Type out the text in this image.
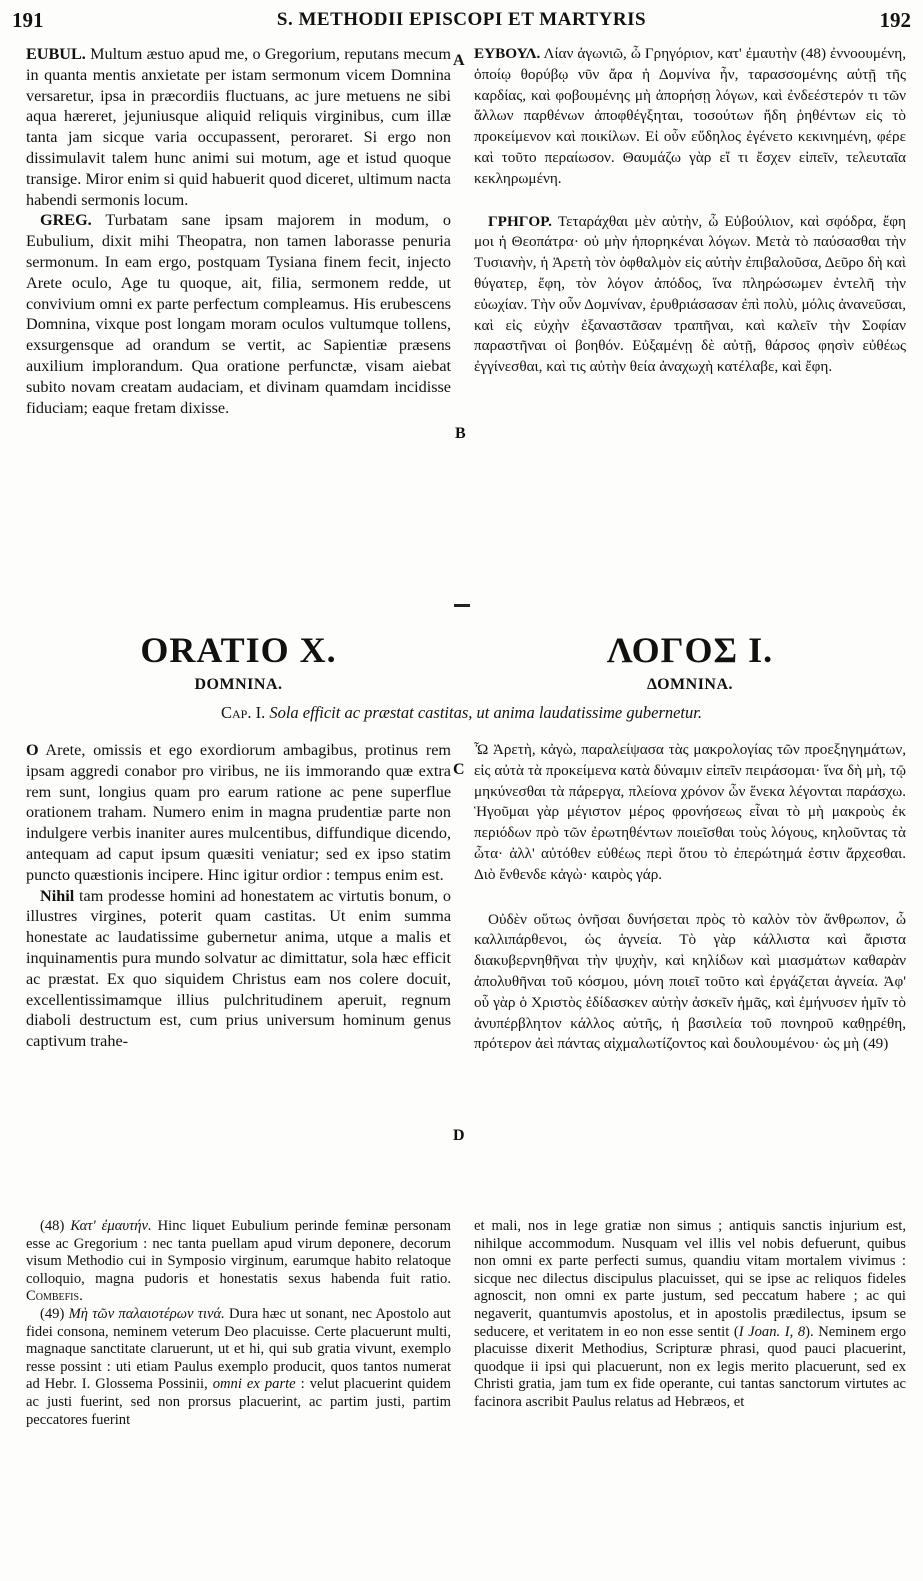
191	S. METHODII EPISCOPI ET MARTYRIS	192
A
B
C
D

EUBUL. Multum æstuo apud me, o Gregorium, reputans mecum in quanta mentis anxietate per istam sermonum vicem Domnina versaretur, ipsa in præcordiis fluctuans, ac jure metuens ne sibi aqua hæreret, jejuniusque aliquid reliquis virginibus, cum illæ tanta jam sicque varia occupassent, peroraret. Si ergo non dissimulavit talem hunc animi sui motum, age et istud quoque transige. Miror enim si quid habuerit quod diceret, ultimum nacta habendi sermonis locum.

GREG. Turbatam sane ipsam majorem in modum, o Eubulium, dixit mihi Theopatra, non tamen laborasse penuria sermonum. In eam ergo, postquam Tysiana finem fecit, injecto Arete oculo, Age tu quoque, ait, filia, sermonem redde, ut convivium omni ex parte perfectum compleamus. His erubescens Domnina, vixque post longam moram oculos vultumque tollens, exsurgensque ad orandum se vertit, ac Sapientiæ præsens auxilium implorandum. Qua oratione perfunctæ, visam aiebat subito novam creatam audaciam, et divinam quamdam incidisse fiduciam; eaque fretam dixisse.

ΕΥΒΟΥΛ. Λίαν ἀγωνιῶ, ὦ Γρηγόριον, κατ' ἐμαυτὴν (48) ἐννοουμένη, ὁποίῳ θορύβῳ νῦν ἄρα ἡ Δομνίνα ἦν, ταρασσομένης αὐτῇ τῆς καρδίας, καὶ φοβουμένης μὴ ἀπορήσῃ λόγων, καὶ ἐνδεέστερόν τι τῶν ἄλλων παρθένων ἀποφθέγξηται, τοσούτων ἤδη ῥηθέντων εἰς τὸ προκείμενον καὶ ποικίλων. Εἰ οὖν εὔδηλος ἐγένετο κεκινημένη, φέρε καὶ τοῦτο περαίωσον. Θαυμάζω γὰρ εἴ τι ἔσχεν εἰπεῖν, τελευταῖα κεκληρωμένη.

ΓΡΗΓΟΡ. Τεταράχθαι μὲν αὐτὴν, ὦ Εὐβούλιον, καὶ σφόδρα, ἔφη μοι ἡ Θεοπάτρα· οὐ μὴν ἠπορηκέναι λόγων. Μετὰ τὸ παύσασθαι τὴν Τυσιανὴν, ἡ Ἀρετὴ τὸν ὀφθαλμὸν εἰς αὐτὴν ἐπιβαλοῦσα, Δεῦρο δὴ καὶ θύγατερ, ἔφη, τὸν λόγον ἀπόδος, ἵνα πληρώσωμεν ἐντελῆ τὴν εὐωχίαν. Τὴν οὖν Δομνίναν, ἐρυθριάσασαν ἐπὶ πολὺ, μόλις ἀνανεῦσαι, καὶ εἰς εὐχὴν ἐξαναστᾶσαν τραπῆναι, καὶ καλεῖν τὴν Σοφίαν παραστῆναι οἱ βοηθόν. Εὐξαμένῃ δὲ αὐτῇ, θάρσος φησὶν εὐθέως ἐγγίνεσθαι, καὶ τις αὐτὴν θεία ἀναχωχὴ κατέλαβε, καὶ ἔφη.

ORATIO X.
DOMNINA.
ΛΟΓΟΣ Ι.
ΔΟΜΝΙΝΑ.
Cap. I. Sola efficit ac præstat castitas, ut anima laudatissime gubernetur.

O Arete, omissis et ego exordiorum ambagibus, protinus rem ipsam aggredi conabor pro viribus, ne iis immorando quæ extra rem sunt, longius quam pro earum ratione ac pene superflue orationem traham. Numero enim in magna prudentiæ parte non indulgere verbis inaniter aures mulcentibus, diffundique dicendo, antequam ad caput ipsum quæsiti veniatur; sed ex ipso statim puncto quæstionis incipere. Hinc igitur ordior : tempus enim est.

Nihil tam prodesse homini ad honestatem ac virtutis bonum, o illustres virgines, poterit quam castitas. Ut enim summa honestate ac laudatissime gubernetur anima, utque a malis et inquinamentis pura mundo solvatur ac dimittatur, sola hæc efficit ac præstat. Ex quo siquidem Christus eam nos colere docuit, excellentissimamque illius pulchritudinem aperuit, regnum diaboli destructum est, cum prius universum hominum genus captivum trahe-

Ὦ Ἀρετὴ, κἀγὼ, παραλείψασα τὰς μακρολογίας τῶν προεξηγημάτων, εἰς αὐτὰ τὰ προκείμενα κατὰ δύναμιν εἰπεῖν πειράσομαι· ἵνα δὴ μὴ, τῷ μηκύνεσθαι τὰ πάρεργα, πλείονα χρόνον ὧν ἕνεκα λέγονται παράσχω. Ἡγοῦμαι γὰρ μέγιστον μέρος φρονήσεως εἶναι τὸ μὴ μακροὺς ἐκ περιόδων πρὸ τῶν ἐρωτηθέντων ποιεῖσθαι τοὺς λόγους, κηλοῦντας τὰ ὦτα· ἀλλ' αὐτόθεν εὐθέως περὶ ὅτου τὸ ἐπερώτημά ἐστιν ἄρχεσθαι. Διὸ ἔνθενδε κἀγὼ· καιρὸς γάρ.

Οὐδὲν οὕτως ὀνῆσαι δυνήσεται πρὸς τὸ καλὸν τὸν ἄνθρωπον, ὦ καλλιπάρθενοι, ὡς ἁγνεία. Τὸ γὰρ κάλλιστα καὶ ἄριστα διακυβερνηθῆναι τὴν ψυχὴν, καὶ κηλίδων καὶ μιασμάτων καθαρὰν ἀπολυθῆναι τοῦ κόσμου, μόνη ποιεῖ τοῦτο καὶ ἐργάζεται ἁγνεία. Ἀφ' οὗ γὰρ ὁ Χριστὸς ἐδίδασκεν αὐτὴν ἀσκεῖν ἡμᾶς, καὶ ἐμήνυσεν ἡμῖν τὸ ἀνυπέρβλητον κάλλος αὐτῆς, ἡ βασιλεία τοῦ πονηροῦ καθῃρέθη, πρότερον ἀεὶ πάντας αἰχμαλωτίζοντος καὶ δουλουμένου· ὡς μὴ (49)

(48) Κατ' ἐμαυτήν. Hinc liquet Eubulium perinde feminæ personam esse ac Gregorium : nec tanta puellam apud virum deponere, decorum visum Methodio cui in Symposio virginum, earumque habito relatoque colloquio, magna pudoris et honestatis sexus habenda fuit ratio. Combefis.

(49) Μὴ τῶν παλαιοτέρων τινά. Dura hæc ut sonant, nec Apostolo aut fidei consona, neminem veterum Deo placuisse. Certe placuerunt multi, magnaque sanctitate claruerunt, ut et hi, qui sub gratia vivunt, exemplo resse possint : uti etiam Paulus exemplo producit, quos tantos numerat ad Hebr. I. Glossema Possinii, omni ex parte : velut placuerint quidem ac justi fuerint, sed non prorsus placuerint, ac partim justi, partim peccatores fuerint

et mali, nos in lege gratiæ non simus ; antiquis sanctis injurium est, nihilque accommodum. Nusquam vel illis vel nobis defuerunt, quibus non omni ex parte perfecti sumus, quandiu vitam mortalem vivimus : sicque nec dilectus discipulus placuisset, qui se ipse ac reliquos fideles agnoscit, non omni ex parte justum, sed peccatum habere ; ac qui negaverit, quantumvis apostolus, et in apostolis prædilectus, ipsum se seducere, et veritatem in eo non esse sentit (I Joan. I, 8). Neminem ergo placuisse dixerit Methodius, Scripturæ phrasi, quod pauci placuerint, quodque ii ipsi qui placuerunt, non ex legis merito placuerunt, sed ex Christi gratia, jam tum ex fide operante, cui tantas sanctorum virtutes ac facinora ascribit Paulus relatus ad Hebræos, et
